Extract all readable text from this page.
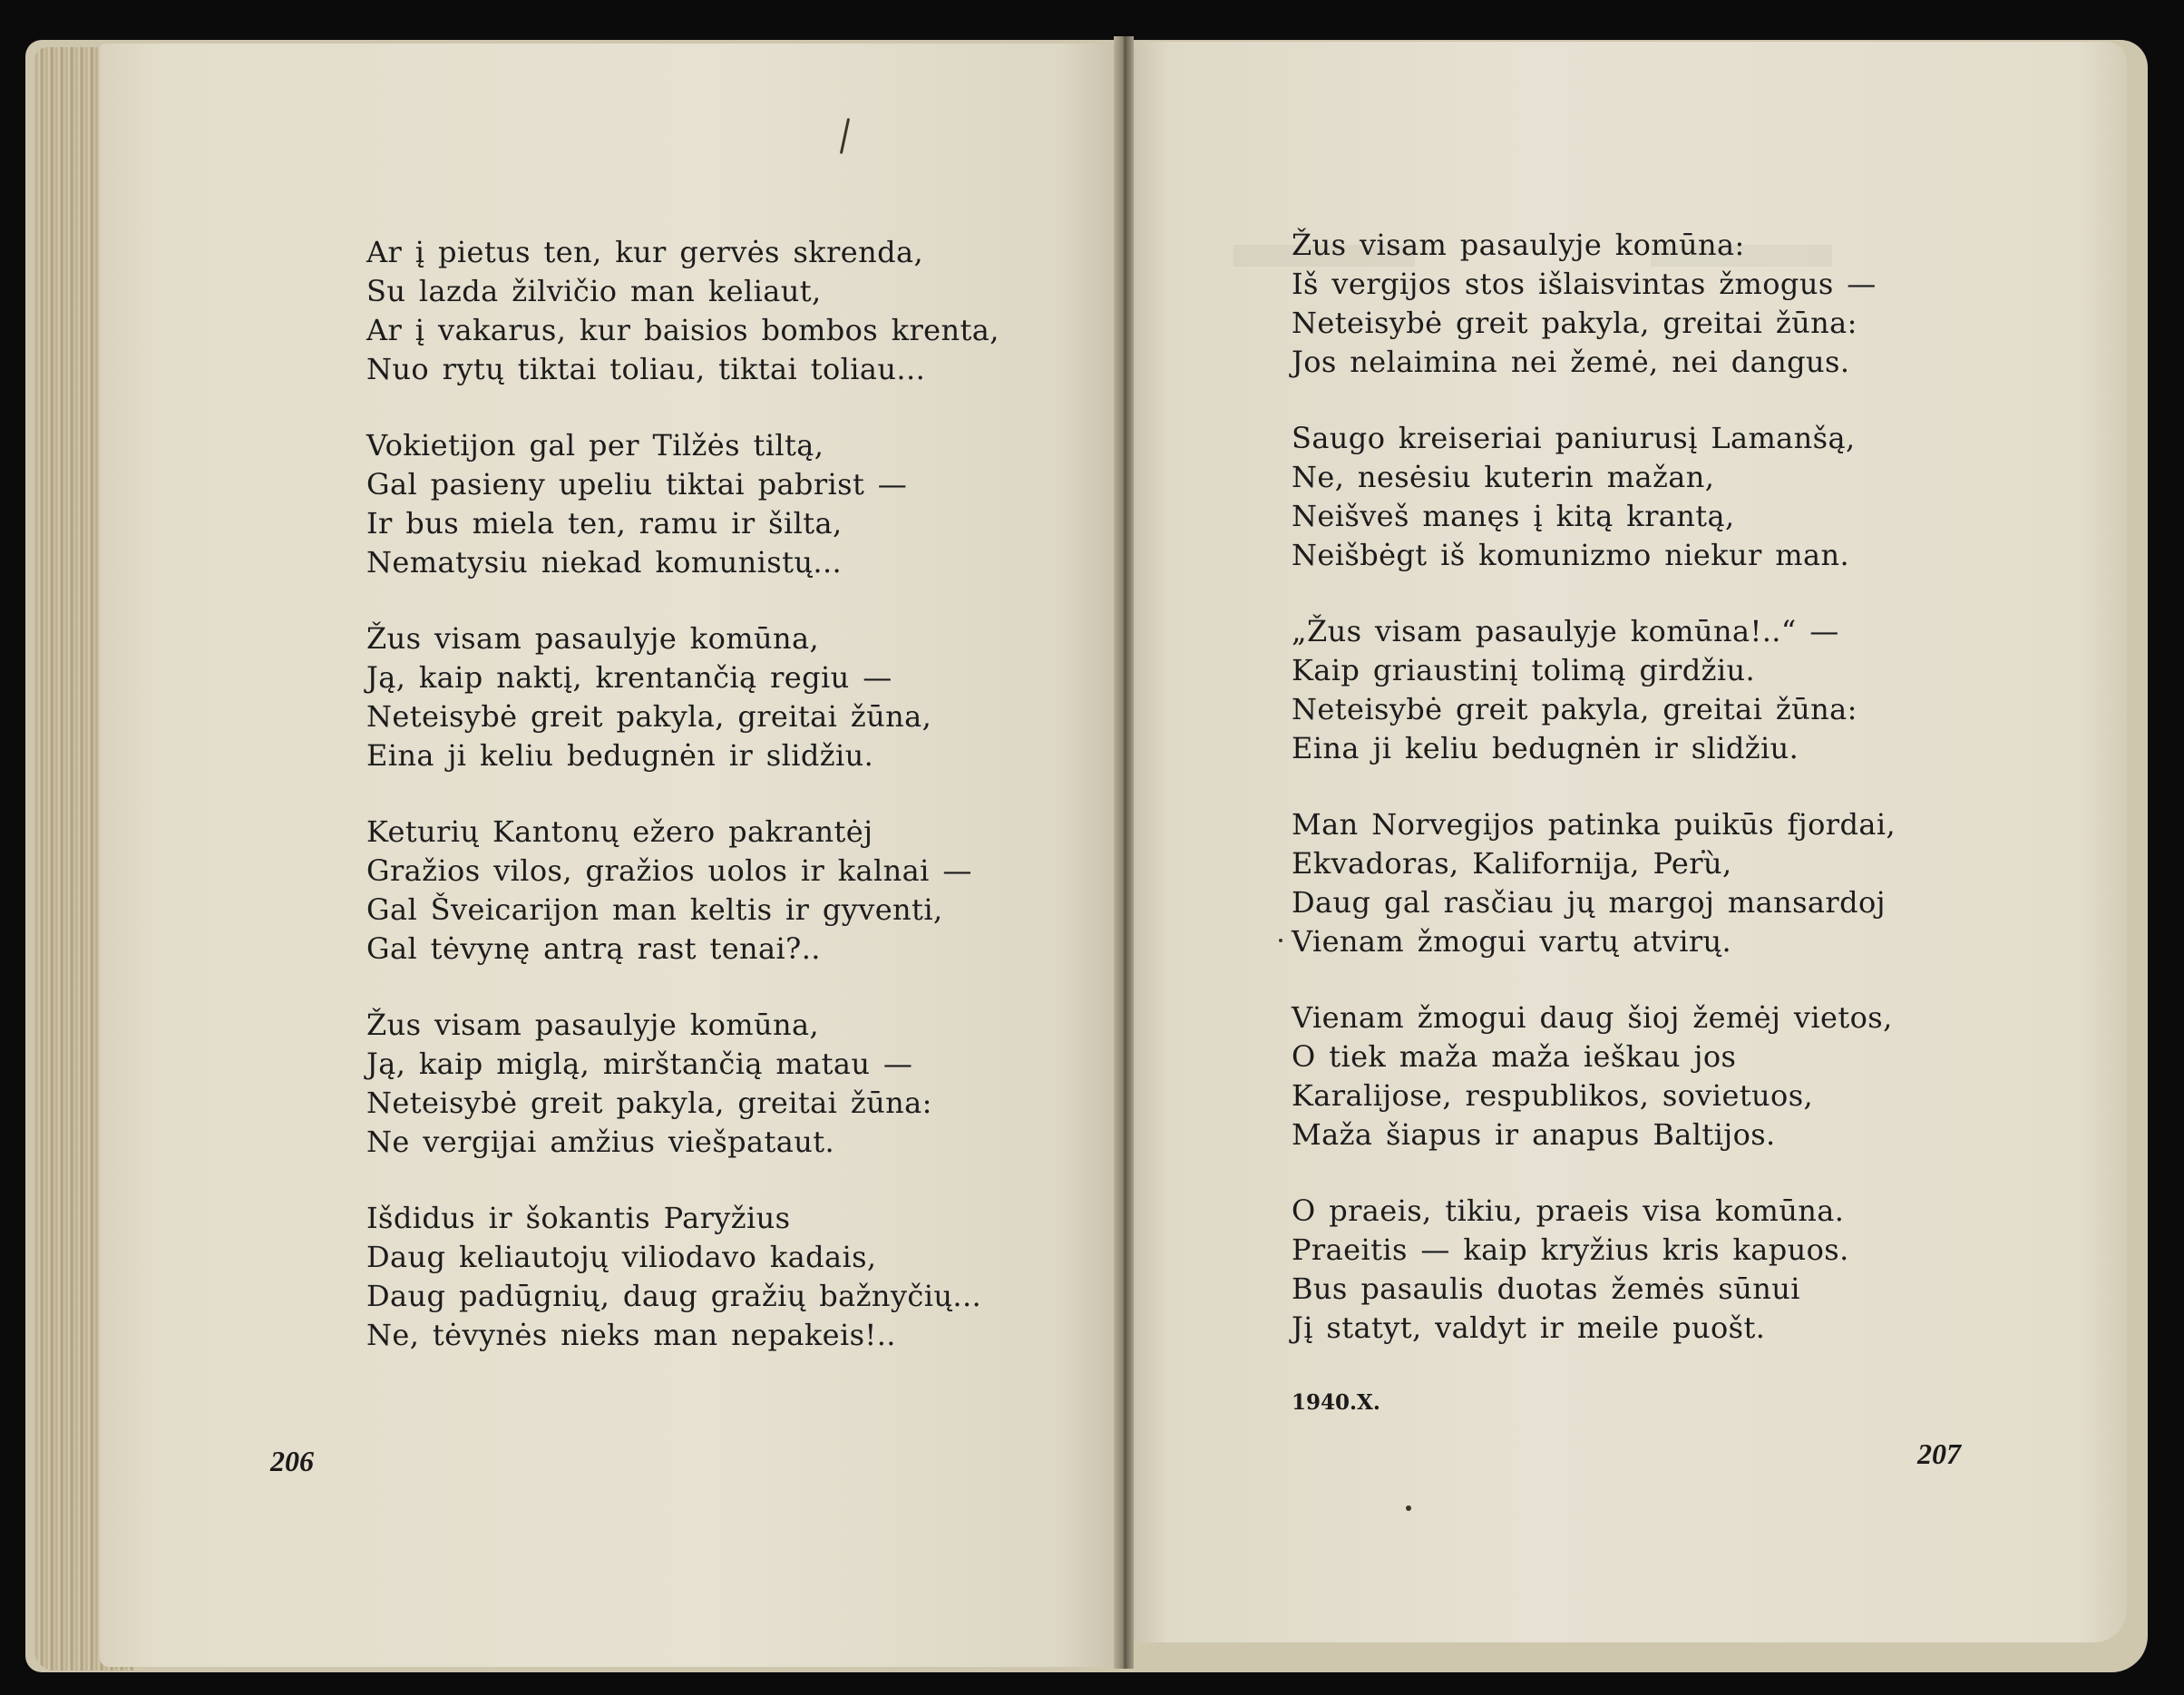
Ar į pietus ten, kur gervės skrenda,
Su lazda žilvičio man keliaut,
Ar į vakarus, kur baisios bombos krenta,
Nuo rytų tiktai toliau, tiktai toliau...
Vokietijon gal per Tilžės tiltą,
Gal pasieny upeliu tiktai pabrist —
Ir bus miela ten, ramu ir šilta,
Nematysiu niekad komunistų...
Žus visam pasaulyje komūna,
Ją, kaip naktį, krentančią regiu —
Neteisybė greit pakyla, greitai žūna,
Eina ji keliu bedugnėn ir slidžiu.
Keturių Kantonų ežero pakrantėj
Gražios vilos, gražios uolos ir kalnai —
Gal Šveicarijon man keltis ir gyventi,
Gal tėvynę antrą rast tenai?..
Žus visam pasaulyje komūna,
Ją, kaip miglą, mirštančią matau —
Neteisybė greit pakyla, greitai žūna:
Ne vergijai amžius viešpataut.
Išdidus ir šokantis Paryžius
Daug keliautojų viliodavo kadais,
Daug padūgnių, daug gražių bažnyčių...
Ne, tėvynės nieks man nepakeis!..
Žus visam pasaulyje komūna:
Iš vergijos stos išlaisvintas žmogus —
Neteisybė greit pakyla, greitai žūna:
Jos nelaimina nei žemė, nei dangus.
Saugo kreiseriai paniurusį Lamanšą,
Ne, nesėsiu kuterin mažan,
Neišveš manęs į kitą krantą,
Neišbėgt iš komunizmo niekur man.
„Žus visam pasaulyje komūna!..“ —
Kaip griaustinį tolimą girdžiu.
Neteisybė greit pakyla, greitai žūna:
Eina ji keliu bedugnėn ir slidžiu.
Man Norvegijos patinka puikūs fjordai,
Ekvadoras, Kalifornija, Perù,
Daug gal rasčiau jų margoj mansardoj
Vienam žmogui vartų atvirų.
Vienam žmogui daug šioj žemėj vietos,
O tiek maža maža ieškau jos
Karalijose, respublikos, sovietuos,
Maža šiapus ir anapus Baltijos.
O praeis, tikiu, praeis visa komūna.
Praeitis — kaip kryžius kris kapuos.
Bus pasaulis duotas žemės sūnui
Jį statyt, valdyt ir meile puošt.
1940.X.
206	207
